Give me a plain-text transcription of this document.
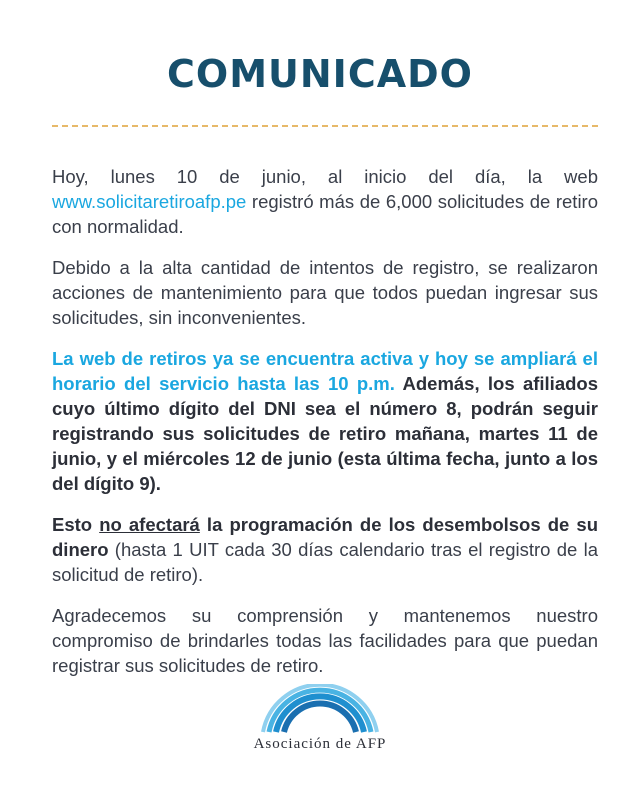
COMUNICADO

Hoy, lunes 10 de junio, al inicio del día, la web www.solicitaretiroafp.pe registró más de 6,000 solicitudes de retiro con normalidad.

Debido a la alta cantidad de intentos de registro, se realizaron acciones de mantenimiento para que todos puedan ingresar sus solicitudes, sin inconvenientes.

La web de retiros ya se encuentra activa y hoy se ampliará el horario del servicio hasta las 10 p.m. Además, los afiliados cuyo último dígito del DNI sea el número 8, podrán seguir registrando sus solicitudes de retiro mañana, martes 11 de junio, y el miércoles 12 de junio (esta última fecha, junto a los del dígito 9).

Esto no afectará la programación de los desembolsos de su dinero (hasta 1 UIT cada 30 días calendario tras el registro de la solicitud de retiro).

Agradecemos su comprensión y mantenemos nuestro compromiso de brindarles todas las facilidades para que puedan registrar sus solicitudes de retiro.

Asociación de AFP
